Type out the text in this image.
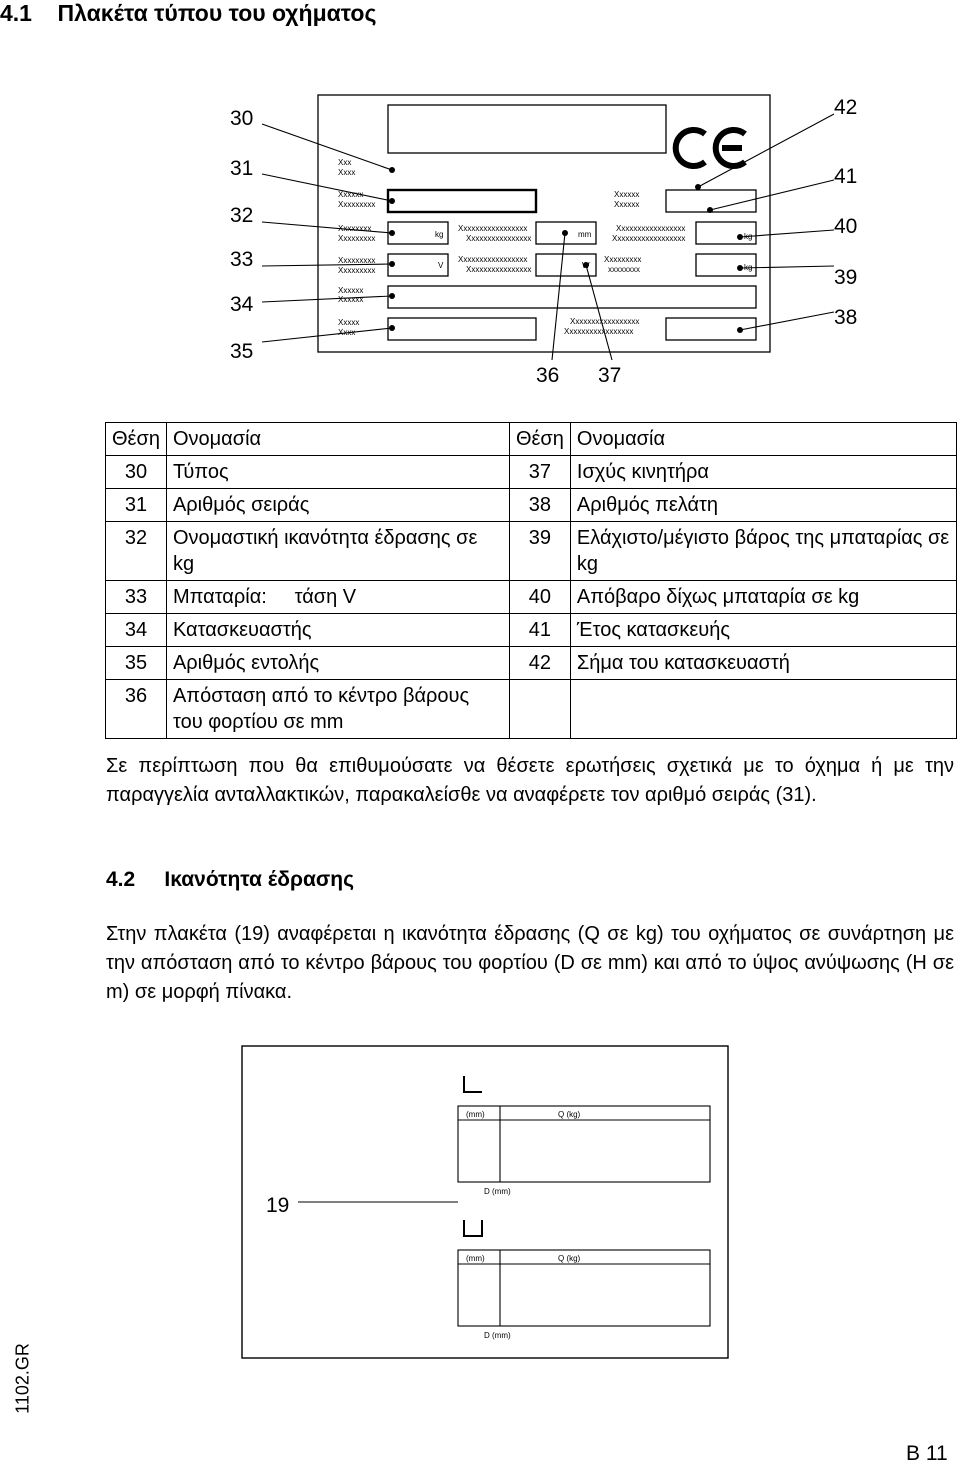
4.1 Πλακέτα τύπου του οχήματος
Xxx
Xxxx
Xxxxxx
Xxxxxxxxx
Xxxxxxxx
Xxxxxxxxx
Xxxxxxxxx
Xxxxxxxxx
Xxxxxx
Xxxxxx
Xxxxx
Xxxx
kg
V
mm
W
kg
kg
Xxxxxxxxxxxxxxxxx
Xxxxxxxxxxxxxxxx
Xxxxxxxxxxxxxxxxx
Xxxxxxxxxxxxxxxx
Xxxxxx
Xxxxxx
Xxxxxxxxxxxxxxxxx
Xxxxxxxxxxxxxxxxxx
Xxxxxxxxx
xxxxxxxx
Xxxxxxxxxxxxxxxxx
Xxxxxxxxxxxxxxxxx
30
31
32
33
34
35
42
41
40
39
38
36 37
Θέση	Ονομασία	Θέση	Ονομασία
30	Τύπος	37	Ισχύς κινητήρα
31	Αριθμός σειράς	38	Αριθμός πελάτη
32	Ονομαστική ικανότητα έδρασης σε kg	39	Ελάχιστο/μέγιστο βάρος της μπαταρίας σε kg
33	Μπαταρία:     τάση V	40	Απόβαρο δίχως μπαταρία σε kg
34	Κατασκευαστής	41	Έτος κατασκευής
35	Αριθμός εντολής	42	Σήμα του κατασκευαστή
36	Απόσταση από το κέντρο βάρους του φορτίου σε mm		

Σε περίπτωση που θα επιθυμούσατε να θέσετε ερωτήσεις σχετικά με το όχημα ή με την παραγγελία ανταλλακτικών, παρακαλείσθε να αναφέρετε τον αριθμό σειράς (31).

4.2 Ικανότητα έδρασης

Στην πλακέτα (19) αναφέρεται η ικανότητα έδρασης (Q σε kg) του οχήματος σε συνάρτηση με την απόσταση από το κέντρο βάρους του φορτίου (D σε mm) και από το ύψος ανύψωσης (H σε m) σε μορφή πίνακα.

(mm)	Q (kg)
D (mm)
(mm)	Q (kg)
D (mm)
19
1102.GR
B 11
